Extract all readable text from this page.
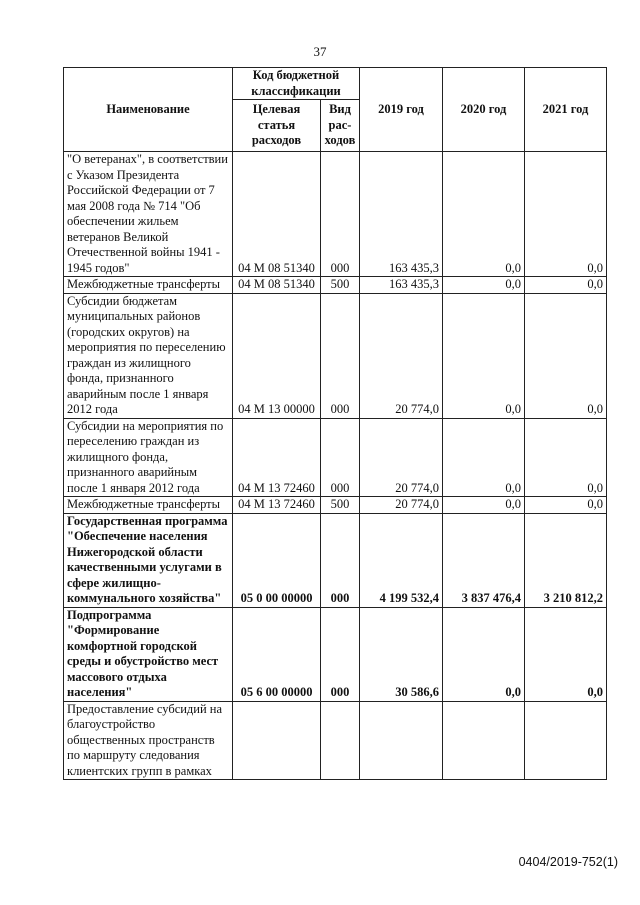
37
Наименование	Код бюджетной классификации		2019 год	2020 год	2021 год
	Целевая статья расходов	Вид рас-ходов			
"О ветеранах", в соответствии с Указом Президента Российской Федерации от 7 мая 2008 года № 714 "Об обеспечении жильем ветеранов Великой Отечественной войны 1941 - 1945 годов"	04 М 08 51340	000	163 435,3	0,0	0,0
Межбюджетные трансферты	04 М 08 51340	500	163 435,3	0,0	0,0
Субсидии бюджетам муниципальных районов (городских округов) на мероприятия по переселению граждан из жилищного фонда, признанного аварийным после 1 января 2012 года	04 М 13 00000	000	20 774,0	0,0	0,0
Субсидии на мероприятия по переселению граждан из жилищного фонда, признанного аварийным после 1 января 2012 года	04 М 13 72460	000	20 774,0	0,0	0,0
Межбюджетные трансферты	04 М 13 72460	500	20 774,0	0,0	0,0
Государственная программа "Обеспечение населения Нижегородской области качественными услугами в сфере жилищно-коммунального хозяйства"	05 0 00 00000	000	4 199 532,4	3 837 476,4	3 210 812,2
Подпрограмма "Формирование комфортной городской среды и обустройство мест массового отдыха населения"	05 6 00 00000	000	30 586,6	0,0	0,0
Предоставление субсидий на благоустройство общественных пространств по маршруту следования клиентских групп в рамках					
0404/2019-752(1)
